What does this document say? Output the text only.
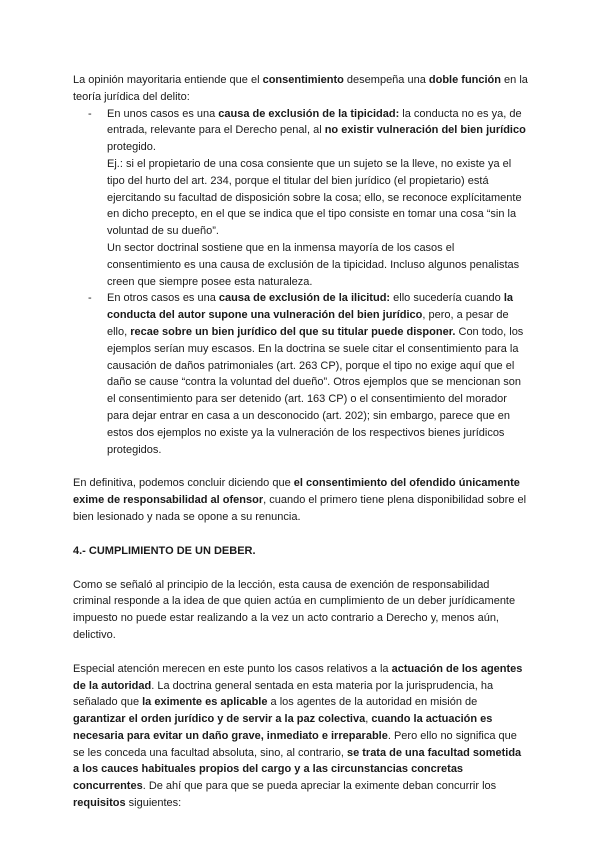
La opinión mayoritaria entiende que el consentimiento desempeña una doble función en la teoría jurídica del delito:

- En unos casos es una causa de exclusión de la tipicidad: la conducta no es ya, de entrada, relevante para el Derecho penal, al no existir vulneración del bien jurídico protegido.

Ej.: si el propietario de una cosa consiente que un sujeto se la lleve, no existe ya el tipo del hurto del art. 234, porque el titular del bien jurídico (el propietario) está ejercitando su facultad de disposición sobre la cosa; ello, se reconoce explícitamente en dicho precepto, en el que se indica que el tipo consiste en tomar una cosa “sin la voluntad de su dueño”.

Un sector doctrinal sostiene que en la inmensa mayoría de los casos el consentimiento es una causa de exclusión de la tipicidad. Incluso algunos penalistas creen que siempre posee esta naturaleza.

- En otros casos es una causa de exclusión de la ilicitud: ello sucedería cuando la conducta del autor supone una vulneración del bien jurídico, pero, a pesar de ello, recae sobre un bien jurídico del que su titular puede disponer. Con todo, los ejemplos serían muy escasos. En la doctrina se suele citar el consentimiento para la causación de daños patrimoniales (art. 263 CP), porque el tipo no exige aquí que el daño se cause “contra la voluntad del dueño”. Otros ejemplos que se mencionan son el consentimiento para ser detenido (art. 163 CP) o el consentimiento del morador para dejar entrar en casa a un desconocido (art. 202); sin embargo, parece que en estos dos ejemplos no existe ya la vulneración de los respectivos bienes jurídicos protegidos.

En definitiva, podemos concluir diciendo que el consentimiento del ofendido únicamente exime de responsabilidad al ofensor, cuando el primero tiene plena disponibilidad sobre el bien lesionado y nada se opone a su renuncia.

4.- CUMPLIMIENTO DE UN DEBER.

Como se señaló al principio de la lección, esta causa de exención de responsabilidad criminal responde a la idea de que quien actúa en cumplimiento de un deber jurídicamente impuesto no puede estar realizando a la vez un acto contrario a Derecho y, menos aún, delictivo.

Especial atención merecen en este punto los casos relativos a la actuación de los agentes de la autoridad. La doctrina general sentada en esta materia por la jurisprudencia, ha señalado que la eximente es aplicable a los agentes de la autoridad en misión de garantizar el orden jurídico y de servir a la paz colectiva, cuando la actuación es necesaria para evitar un daño grave, inmediato e irreparable. Pero ello no significa que se les conceda una facultad absoluta, sino, al contrario, se trata de una facultad sometida a los cauces habituales propios del cargo y a las circunstancias concretas concurrentes. De ahí que para que se pueda apreciar la eximente deban concurrir los requisitos siguientes:
